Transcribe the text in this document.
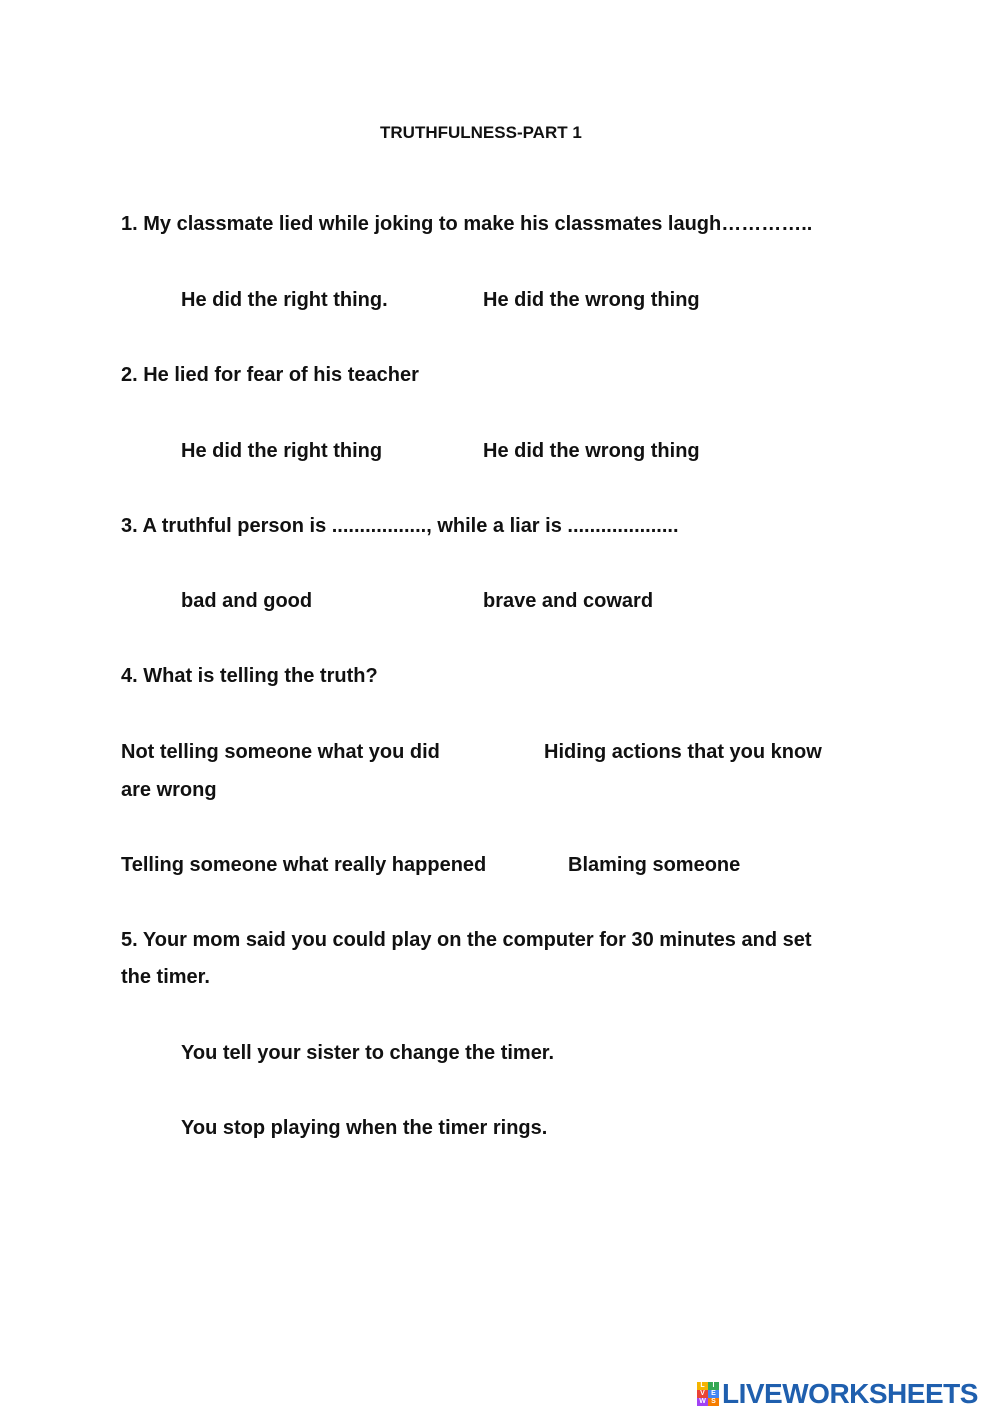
TRUTHFULNESS-PART 1

1. My classmate lied while joking to make his classmates laugh…………..

He did the right thing.	He did the wrong thing

2. He lied for fear of his teacher

He did the right thing	He did the wrong thing

3. A truthful person is ................., while a liar is ....................

bad and good	brave and coward

4. What is telling the truth?

Not telling someone what you did	Hiding actions that you know

are wrong

Telling someone what really happened	Blaming someone

5. Your mom said you could play on the computer for 30 minutes and set

the timer.

You tell your sister to change the timer.

You stop playing when the timer rings.

L	I
V E
W S LIVEWORKSHEETS
